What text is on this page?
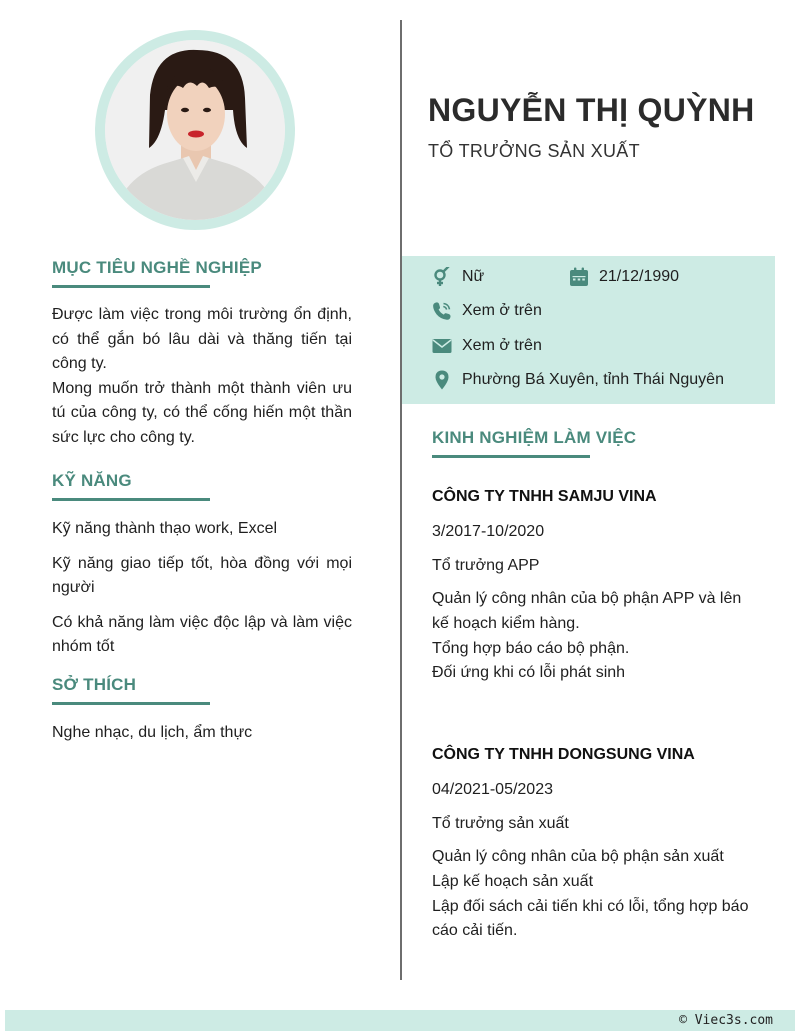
NGUYỄN THỊ QUỲNH
TỔ TRƯỞNG SẢN XUẤT
MỤC TIÊU NGHỀ NGHIỆP
Được làm việc trong môi trường ổn định, có thể gắn bó lâu dài và thăng tiến tại công ty.
Mong muốn trở thành một thành viên ưu tú của công ty, có thể cống hiến một thần sức lực cho công ty.
KỸ NĂNG
Kỹ năng thành thạo work, Excel
Kỹ năng giao tiếp tốt, hòa đồng với mọi người
Có khả năng làm việc độc lập và làm việc nhóm tốt
SỞ THÍCH
Nghe nhạc, du lịch, ẩm thực
Nữ	21/12/1990
Xem ở trên
Xem ở trên
Phường Bá Xuyên, tỉnh Thái Nguyên
KINH NGHIỆM LÀM VIỆC
CÔNG TY TNHH SAMJU VINA
3/2017-10/2020
Tổ trưởng APP
Quản lý công nhân của bộ phận APP và lên kế hoạch kiểm hàng.
Tổng hợp báo cáo bộ phận.
Đối ứng khi có lỗi phát sinh
CÔNG TY TNHH DONGSUNG VINA
04/2021-05/2023
Tổ trưởng sản xuất
Quản lý công nhân của bộ phận sản xuất
Lập kế hoạch sản xuất
Lập đối sách cải tiến khi có lỗi, tổng hợp báo cáo cải tiến.
© Viec3s.com
